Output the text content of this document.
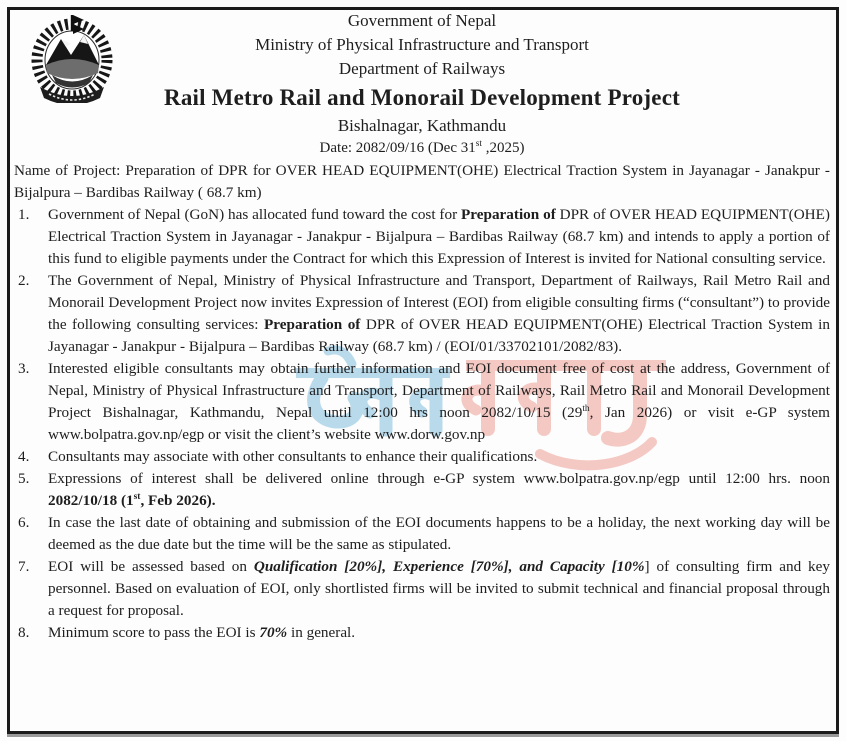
Government of Nepal
Ministry of Physical Infrastructure and Transport
Department of Railways
Rail Metro Rail and Monorail Development Project
Bishalnagar, Kathmandu
Date: 2082/09/16 (Dec 31st ,2025)
Name of Project: Preparation of DPR for OVER HEAD EQUIPMENT(OHE) Electrical Traction System in Jayanagar - Janakpur - Bijalpura – Bardibas Railway ( 68.7 km)
1.	Government of Nepal (GoN) has allocated fund toward the cost for Preparation of DPR of OVER HEAD EQUIPMENT(OHE) Electrical Traction System in Jayanagar - Janakpur - Bijalpura – Bardibas Railway (68.7 km) and intends to apply a portion of this fund to eligible payments under the Contract for which this Expression of Interest is invited for National consulting service.
2.	The Government of Nepal, Ministry of Physical Infrastructure and Transport, Department of Railways, Rail Metro Rail and Monorail Development Project now invites Expression of Interest (EOI) from eligible consulting firms (“consultant”) to provide the following consulting services: Preparation of DPR of OVER HEAD EQUIPMENT(OHE) Electrical Traction System in Jayanagar - Janakpur - Bijalpura – Bardibas Railway (68.7 km) / (EOI/01/33702101/2082/83).
3.	Interested eligible consultants may obtain further information and EOI document free of cost at the address, Government of Nepal, Ministry of Physical Infrastructure and Transport, Department of Railways, Rail Metro Rail and Monorail Development Project Bishalnagar, Kathmandu, Nepal until 12:00 hrs noon 2082/10/15 (29th, Jan 2026) or visit e-GP system www.bolpatra.gov.np/egp or visit the client’s website www.dorw.gov.np
4.	Consultants may associate with other consultants to enhance their qualifications.
5.	Expressions of interest shall be delivered online through e-GP system www.bolpatra.gov.np/egp until 12:00 hrs. noon 2082/10/18 (1st, Feb 2026).
6.	In case the last date of obtaining and submission of the EOI documents happens to be a holiday, the next working day will be deemed as the due date but the time will be the same as stipulated.
7.	EOI will be assessed based on Qualification [20%], Experience [70%], and Capacity [10%] of consulting firm and key personnel. Based on evaluation of EOI, only shortlisted firms will be invited to submit technical and financial proposal through a request for proposal.
8.	Minimum score to pass the EOI is 70% in general.
